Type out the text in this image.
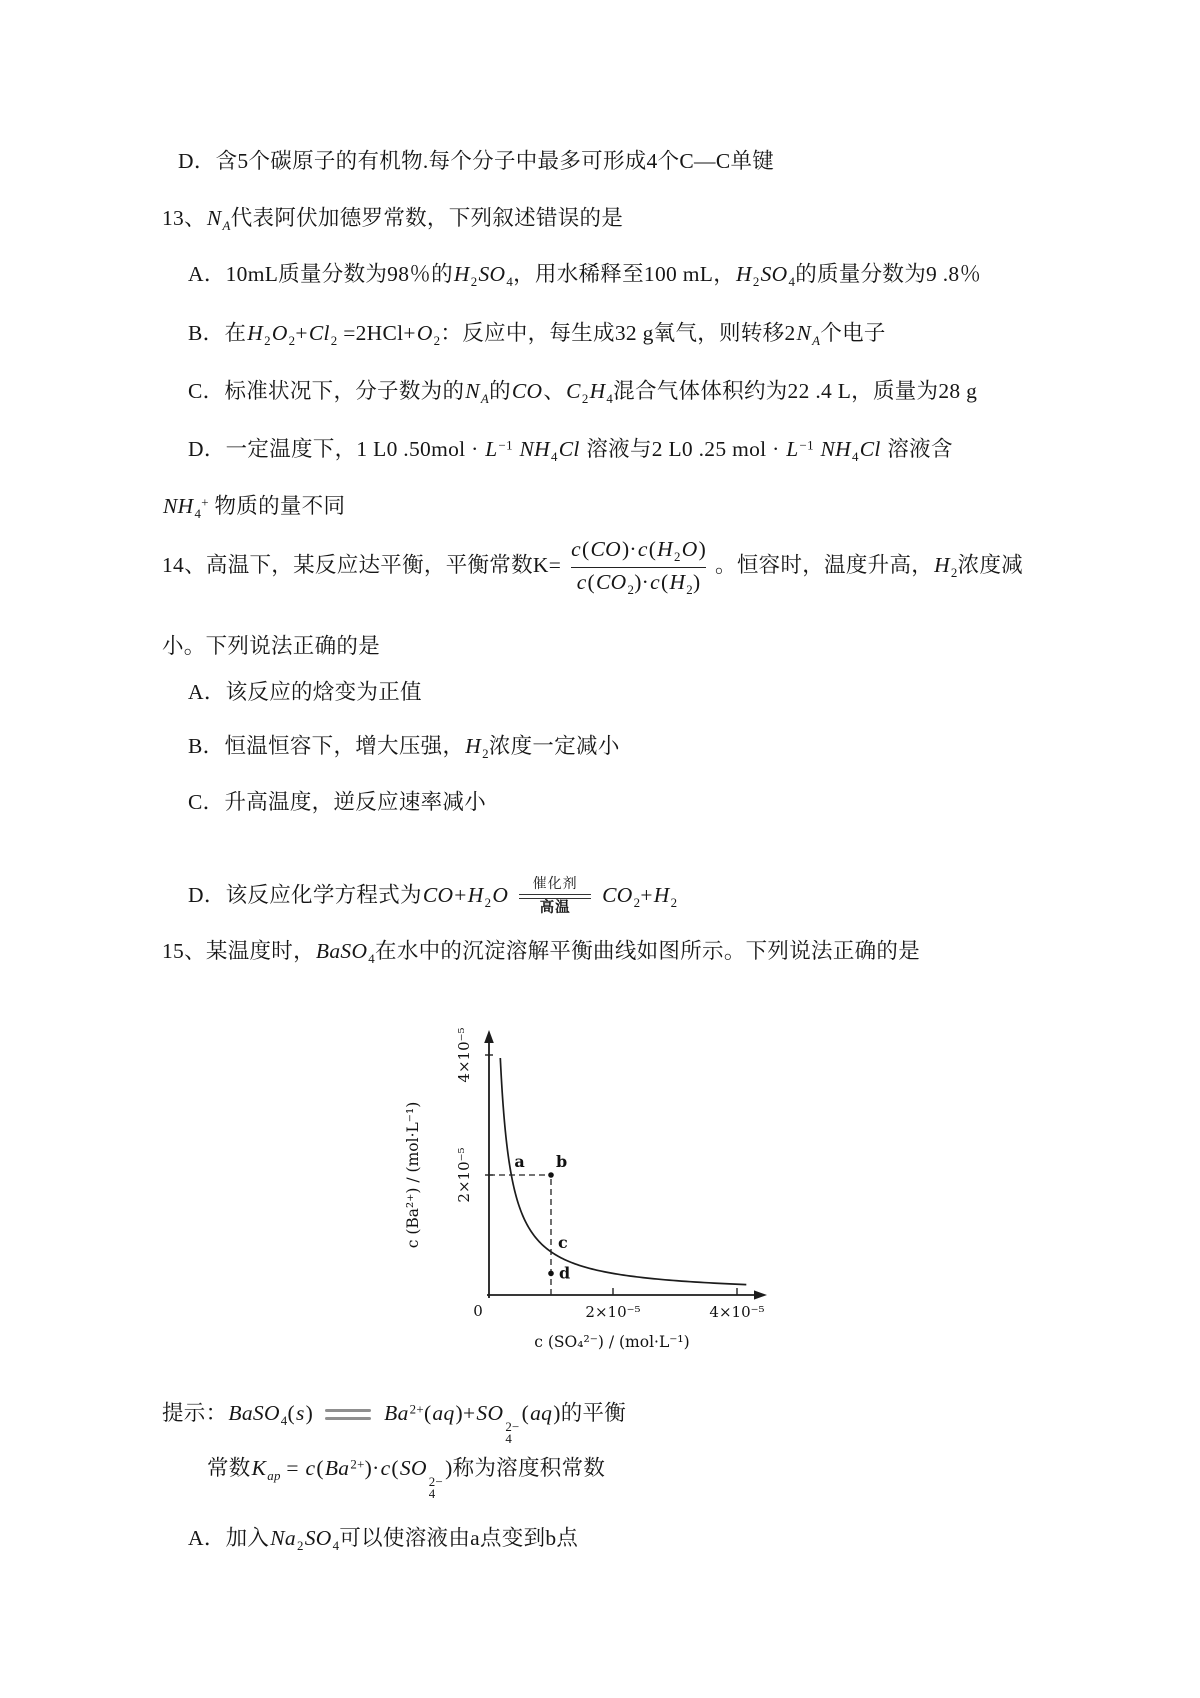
D．含5个碳原子的有机物.每个分子中最多可形成4个C—C单键
13、$N_A$代表阿伏加德罗常数，下列叙述错误的是
A．10mL质量分数为98％的$H_2SO_4$，用水稀释至100 mL，$H_2SO_4$的质量分数为9 .8％
B．在$H_2O_2+Cl_2 =2HCl+O_2$：反应中，每生成32 g氧气，则转移$2N_A$个电子
C．标准状况下，分子数为的$N_A$的CO、$C_2H_4$混合气体体积约为22 .4 L，质量为28 g
D．一定温度下，1 L0 $.50mol \cdot L^{-1}$ $NH_4Cl$ 溶液与2 L0 .25 mol · $L^{-1}$ $NH_4Cl$ 溶液含
$NH_4^+$ 物质的量不同
14、高温下，某反应达平衡，平衡常数$K= \frac{c(CO)\cdot c(H_2O)}{c(CO_2)\cdot c(H_2)}$ 。恒容时，温度升高，$H_2$浓度减
小。下列说法正确的是
A．该反应的焓变为正值
B．恒温恒容下，增大压强，$H_2$浓度一定减小
C．升高温度，逆反应速率减小
D．该反应化学方程式为$CO+H_2O$ 催化剂
高温
$CO_2+H_2$
15、某温度时，BaSO$_4$在水中的沉淀溶解平衡曲线如图所示。下列说法正确的是
提示：BaSO$_4$(s)	$Ba^{2+}(aq)+SO$
2−
4
(aq)的平衡
常数$K_{ap} = c(Ba^{2+})\cdot c(SO$
2−
4
)称为溶度积常数
A．加入$Na_2SO_4$可以使溶液由a点变到b点
c (SO₄²⁻) / (mol·L⁻¹)
c (Ba²⁺) / (mol·L⁻¹)
2×10⁻⁵	4×10⁻⁵
2×10⁻⁵
4×10⁻⁵
0
a b
c
d
